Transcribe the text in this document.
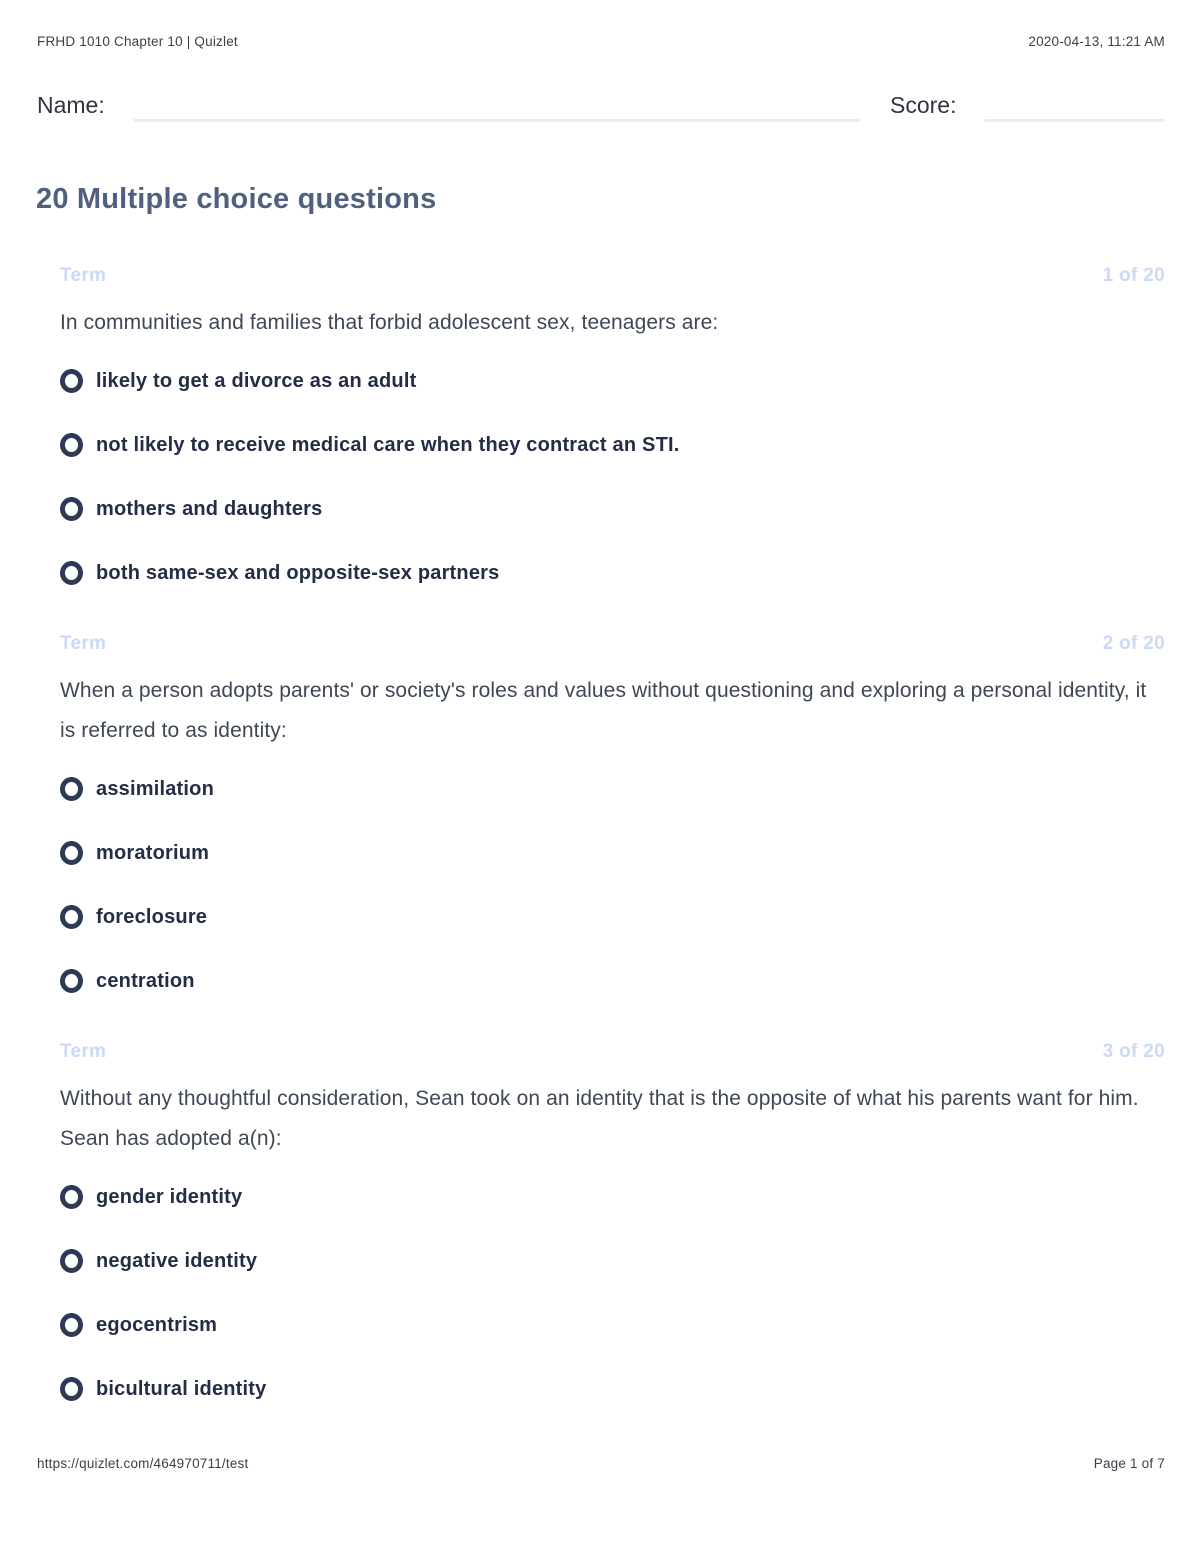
FRHD 1010 Chapter 10 | Quizlet	2020-04-13, 11:21 AM
Name:	Score:
20 Multiple choice questions
Term	1 of 20
In communities and families that forbid adolescent sex, teenagers are:
likely to get a divorce as an adult
not likely to receive medical care when they contract an STI.
mothers and daughters
both same-sex and opposite-sex partners
Term	2 of 20
When a person adopts parents' or society's roles and values without questioning and exploring a personal identity, it is referred to as identity:
assimilation
moratorium
foreclosure
centration
Term	3 of 20
Without any thoughtful consideration, Sean took on an identity that is the opposite of what his parents want for him. Sean has adopted a(n):
gender identity
negative identity
egocentrism
bicultural identity
https://quizlet.com/464970711/test	Page 1 of 7
